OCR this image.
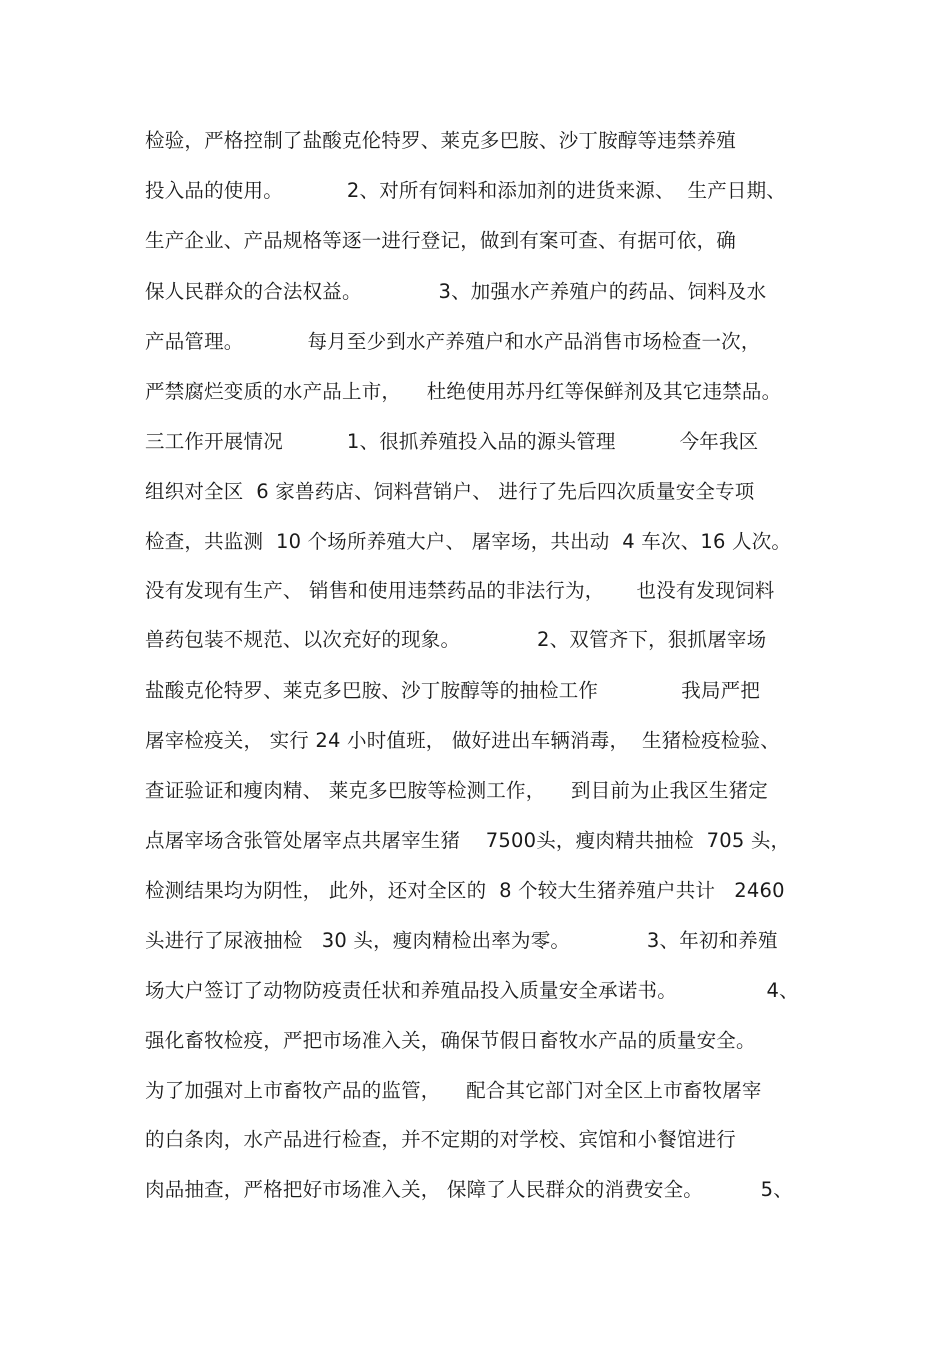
检验，严格控制了盐酸克伦特罗、莱克多巴胺、沙丁胺醇等违禁养殖
投入品的使用。          2、对所有饲料和添加剂的进货来源、  生产日期、
生产企业、产品规格等逐一进行登记，做到有案可查、有据可依，确
保人民群众的合法权益。            3、加强水产养殖户的药品、饲料及水
产品管理。          每月至少到水产养殖户和水产品消售市场检查一次，
严禁腐烂变质的水产品上市，    杜绝使用苏丹红等保鲜剂及其它违禁品。
三工作开展情况          1、很抓养殖投入品的源头管理          今年我区
组织对全区  6 家兽药店、饲料营销户、 进行了先后四次质量安全专项
检查，共监测  10 个场所养殖大户、 屠宰场，共出动  4 车次、16 人次。
没有发现有生产、 销售和使用违禁药品的非法行为，     也没有发现饲料
兽药包装不规范、以次充好的现象。            2、双管齐下，狠抓屠宰场
盐酸克伦特罗、莱克多巴胺、沙丁胺醇等的抽检工作             我局严把
屠宰检疫关， 实行 24 小时值班， 做好进出车辆消毒，  生猪检疫检验、
查证验证和瘦肉精、 莱克多巴胺等检测工作，    到目前为止我区生猪定
点屠宰场含张管处屠宰点共屠宰生猪    7500头，瘦肉精共抽检  705 头，
检测结果均为阴性， 此外，还对全区的  8 个较大生猪养殖户共计   2460
头进行了尿液抽检   30 头，瘦肉精检出率为零。            3、年初和养殖
场大户签订了动物防疫责任状和养殖品投入质量安全承诺书。              4、
强化畜牧检疫，严把市场准入关，确保节假日畜牧水产品的质量安全。
为了加强对上市畜牧产品的监管，    配合其它部门对全区上市畜牧屠宰
的白条肉，水产品进行检查，并不定期的对学校、宾馆和小餐馆进行
肉品抽查，严格把好市场准入关， 保障了人民群众的消费安全。         5、
